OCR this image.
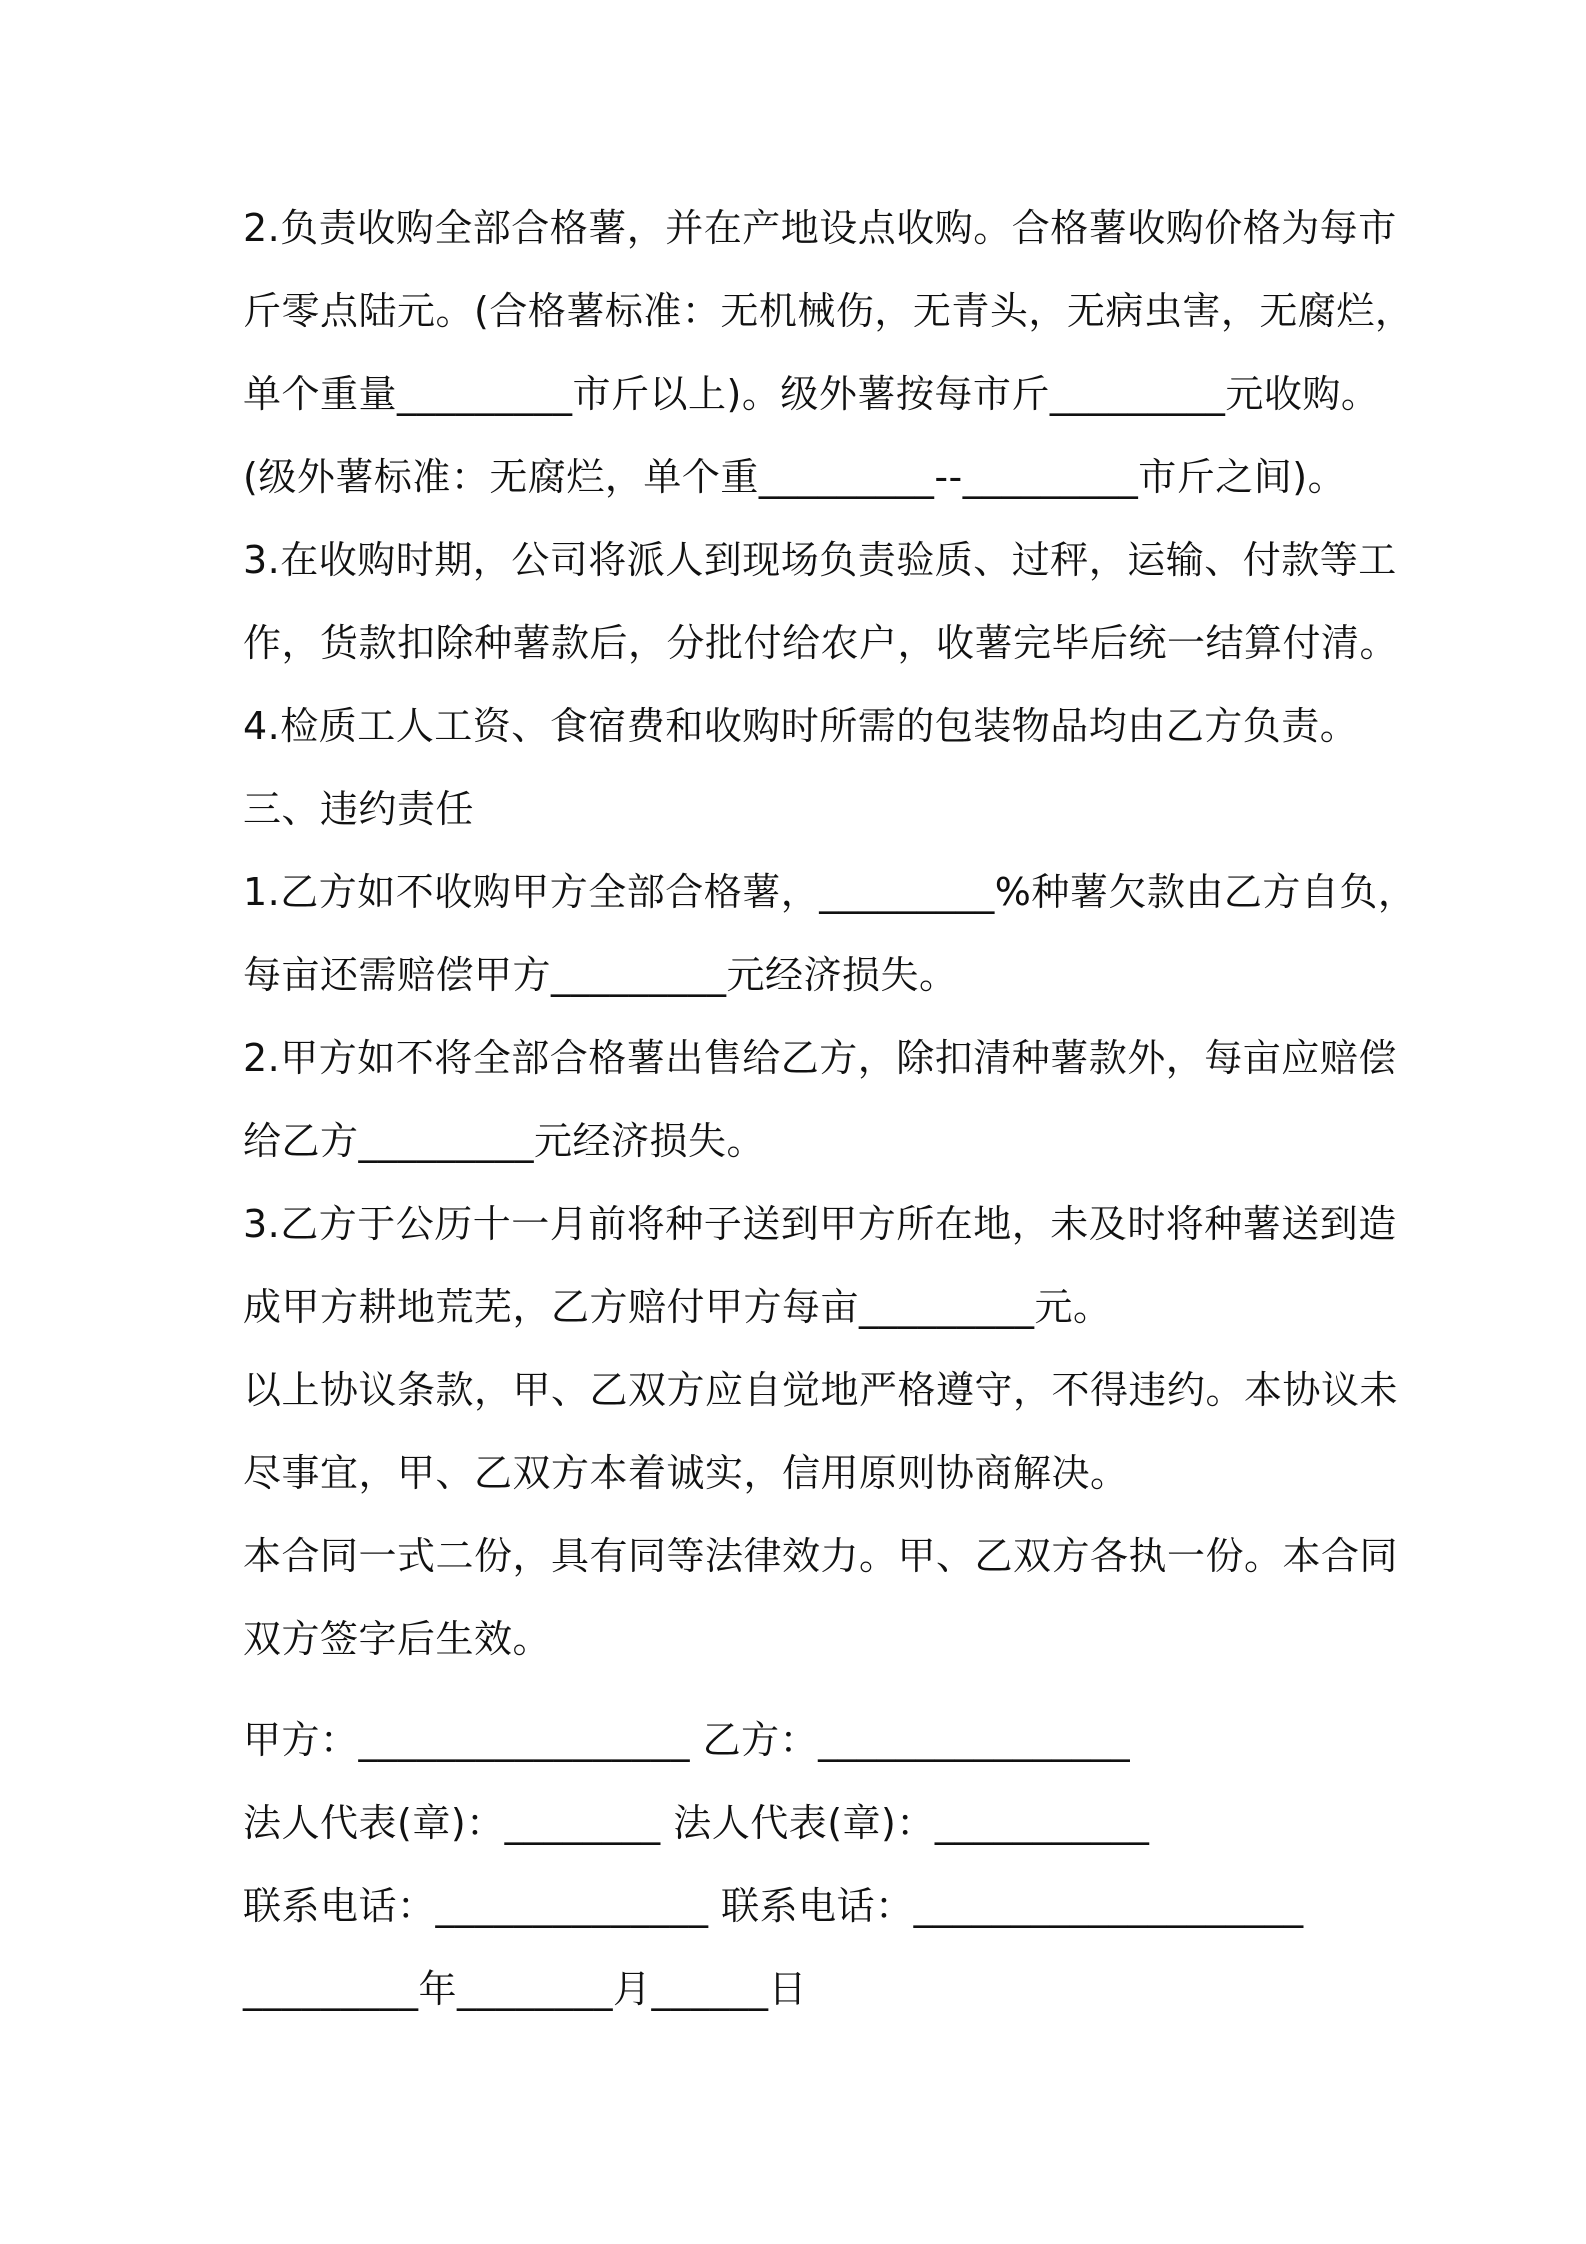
2.负责收购全部合格薯，并在产地设点收购。合格薯收购价格为每市
斤零点陆元。(合格薯标准：无机械伤，无青头，无病虫害，无腐烂，
单个重量_________市斤以上)。级外薯按每市斤_________元收购。
(级外薯标准：无腐烂，单个重_________--_________市斤之间)。
3.在收购时期，公司将派人到现场负责验质、过秤，运输、付款等工
作，货款扣除种薯款后，分批付给农户，收薯完毕后统一结算付清。
4.检质工人工资、食宿费和收购时所需的包装物品均由乙方负责。
三、违约责任
1.乙方如不收购甲方全部合格薯，_________%种薯欠款由乙方自负，
每亩还需赔偿甲方_________元经济损失。
2.甲方如不将全部合格薯出售给乙方，除扣清种薯款外，每亩应赔偿
给乙方_________元经济损失。
3.乙方于公历十一月前将种子送到甲方所在地，未及时将种薯送到造
成甲方耕地荒芜，乙方赔付甲方每亩_________元。
以上协议条款，甲、乙双方应自觉地严格遵守，不得违约。本协议未
尽事宜，甲、乙双方本着诚实，信用原则协商解决。
本合同一式二份，具有同等法律效力。甲、乙双方各执一份。本合同
双方签字后生效。
甲方：_________________ 乙方：________________
法人代表(章)：________ 法人代表(章)：___________
联系电话：______________ 联系电话：____________________
_________年________月______日
